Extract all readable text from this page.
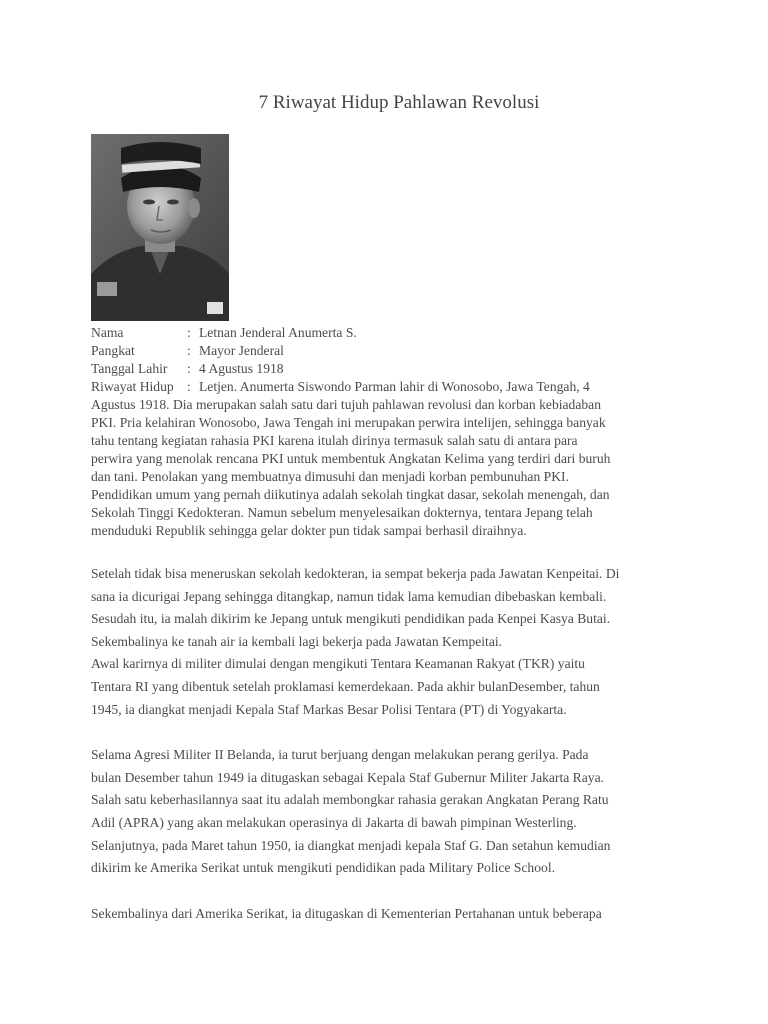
7 Riwayat Hidup Pahlawan Revolusi
Nama	: Letnan Jenderal Anumerta S.
Pangkat	: Mayor Jenderal
Tanggal Lahir	: 4 Agustus 1918
Riwayat Hidup : Letjen. Anumerta Siswondo Parman lahir di Wonosobo, Jawa Tengah, 4
Agustus 1918. Dia merupakan salah satu dari tujuh pahlawan revolusi dan korban kebiadaban
PKI. Pria kelahiran Wonosobo, Jawa Tengah ini merupakan perwira intelijen, sehingga banyak
tahu tentang kegiatan rahasia PKI karena itulah dirinya termasuk salah satu di antara para
perwira yang menolak rencana PKI untuk membentuk Angkatan Kelima yang terdiri dari buruh
dan tani. Penolakan yang membuatnya dimusuhi dan menjadi korban pembunuhan PKI.
Pendidikan umum yang pernah diikutinya adalah sekolah tingkat dasar, sekolah menengah, dan
Sekolah Tinggi Kedokteran. Namun sebelum menyelesaikan dokternya, tentara Jepang telah
menduduki Republik sehingga gelar dokter pun tidak sampai berhasil diraihnya.

Setelah tidak bisa meneruskan sekolah kedokteran, ia sempat bekerja pada Jawatan Kenpeitai. Di
sana ia dicurigai Jepang sehingga ditangkap, namun tidak lama kemudian dibebaskan kembali.
Sesudah itu, ia malah dikirim ke Jepang untuk mengikuti pendidikan pada Kenpei Kasya Butai.
Sekembalinya ke tanah air ia kembali lagi bekerja pada Jawatan Kempeitai.
Awal karirnya di militer dimulai dengan mengikuti Tentara Keamanan Rakyat (TKR) yaitu
Tentara RI yang dibentuk setelah proklamasi kemerdekaan. Pada akhir bulanDesember, tahun
1945, ia diangkat menjadi Kepala Staf Markas Besar Polisi Tentara (PT) di Yogyakarta.

Selama Agresi Militer II Belanda, ia turut berjuang dengan melakukan perang gerilya. Pada
bulan Desember tahun 1949 ia ditugaskan sebagai Kepala Staf Gubernur Militer Jakarta Raya.
Salah satu keberhasilannya saat itu adalah membongkar rahasia gerakan Angkatan Perang Ratu
Adil (APRA) yang akan melakukan operasinya di Jakarta di bawah pimpinan Westerling.
Selanjutnya, pada Maret tahun 1950, ia diangkat menjadi kepala Staf G. Dan setahun kemudian
dikirim ke Amerika Serikat untuk mengikuti pendidikan pada Military Police School.

Sekembalinya dari Amerika Serikat, ia ditugaskan di Kementerian Pertahanan untuk beberapa
